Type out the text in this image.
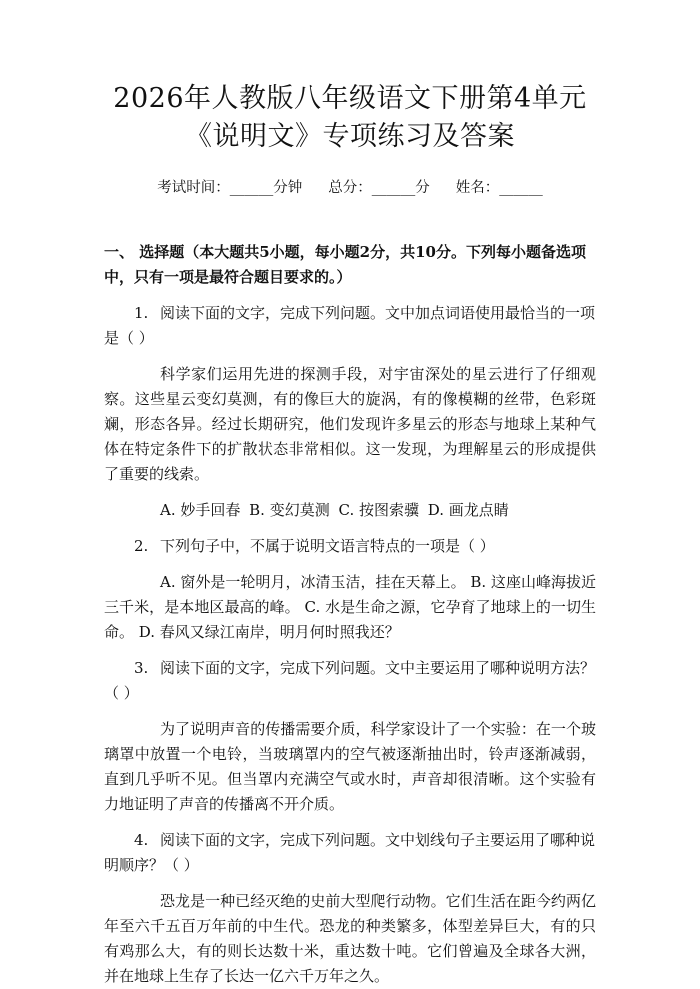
2026年人教版八年级语文下册第4单元《说明文》专项练习及答案
考试时间：______分钟 总分：______分 姓名：______
一、 选择题（本大题共5小题，每小题2分，共10分。下列每小题备选项中，只有一项是最符合题目要求的。）
1. 阅读下面的文字，完成下列问题。文中加点词语使用最恰当的一项是（ ）
科学家们运用先进的探测手段，对宇宙深处的星云进行了仔细观察。这些星云变幻莫测，有的像巨大的旋涡，有的像模糊的丝带，色彩斑斓，形态各异。经过长期研究，他们发现许多星云的形态与地球上某种气体在特定条件下的扩散状态非常相似。这一发现，为理解星云的形成提供了重要的线索。
A. 妙手回春 B. 变幻莫测 C. 按图索骥 D. 画龙点睛
2. 下列句子中，不属于说明文语言特点的一项是（ ）
A. 窗外是一轮明月，冰清玉洁，挂在天幕上。 B. 这座山峰海拔近三千米，是本地区最高的峰。 C. 水是生命之源，它孕育了地球上的一切生命。 D. 春风又绿江南岸，明月何时照我还？
3. 阅读下面的文字，完成下列问题。文中主要运用了哪种说明方法？（ ）
为了说明声音的传播需要介质，科学家设计了一个实验：在一个玻璃罩中放置一个电铃，当玻璃罩内的空气被逐渐抽出时，铃声逐渐减弱，直到几乎听不见。但当罩内充满空气或水时，声音却很清晰。这个实验有力地证明了声音的传播离不开介质。
4. 阅读下面的文字，完成下列问题。文中划线句子主要运用了哪种说明顺序？（ ）
恐龙是一种已经灭绝的史前大型爬行动物。它们生活在距今约两亿年至六千五百万年前的中生代。恐龙的种类繁多，体型差异巨大，有的只有鸡那么大，有的则长达数十米，重达数十吨。它们曾遍及全球各大洲，并在地球上生存了长达一亿六千万年之久。
